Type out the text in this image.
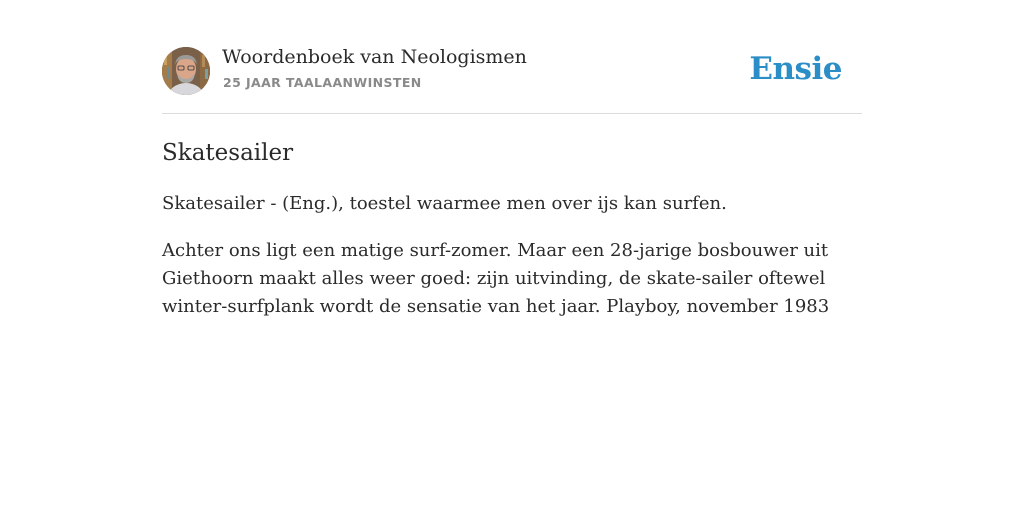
Woordenboek van Neologismen
25 JAAR TAALAANWINSTEN	Ensie
Skatesailer

Skatesailer - (Eng.), toestel waarmee men over ijs kan surfen.

Achter ons ligt een matige surf-zomer. Maar een 28-jarige bosbouwer uit Giethoorn maakt alles weer goed: zijn uitvinding, de skate-sailer oftewel winter-surfplank wordt de sensatie van het jaar. Playboy, november 1983
